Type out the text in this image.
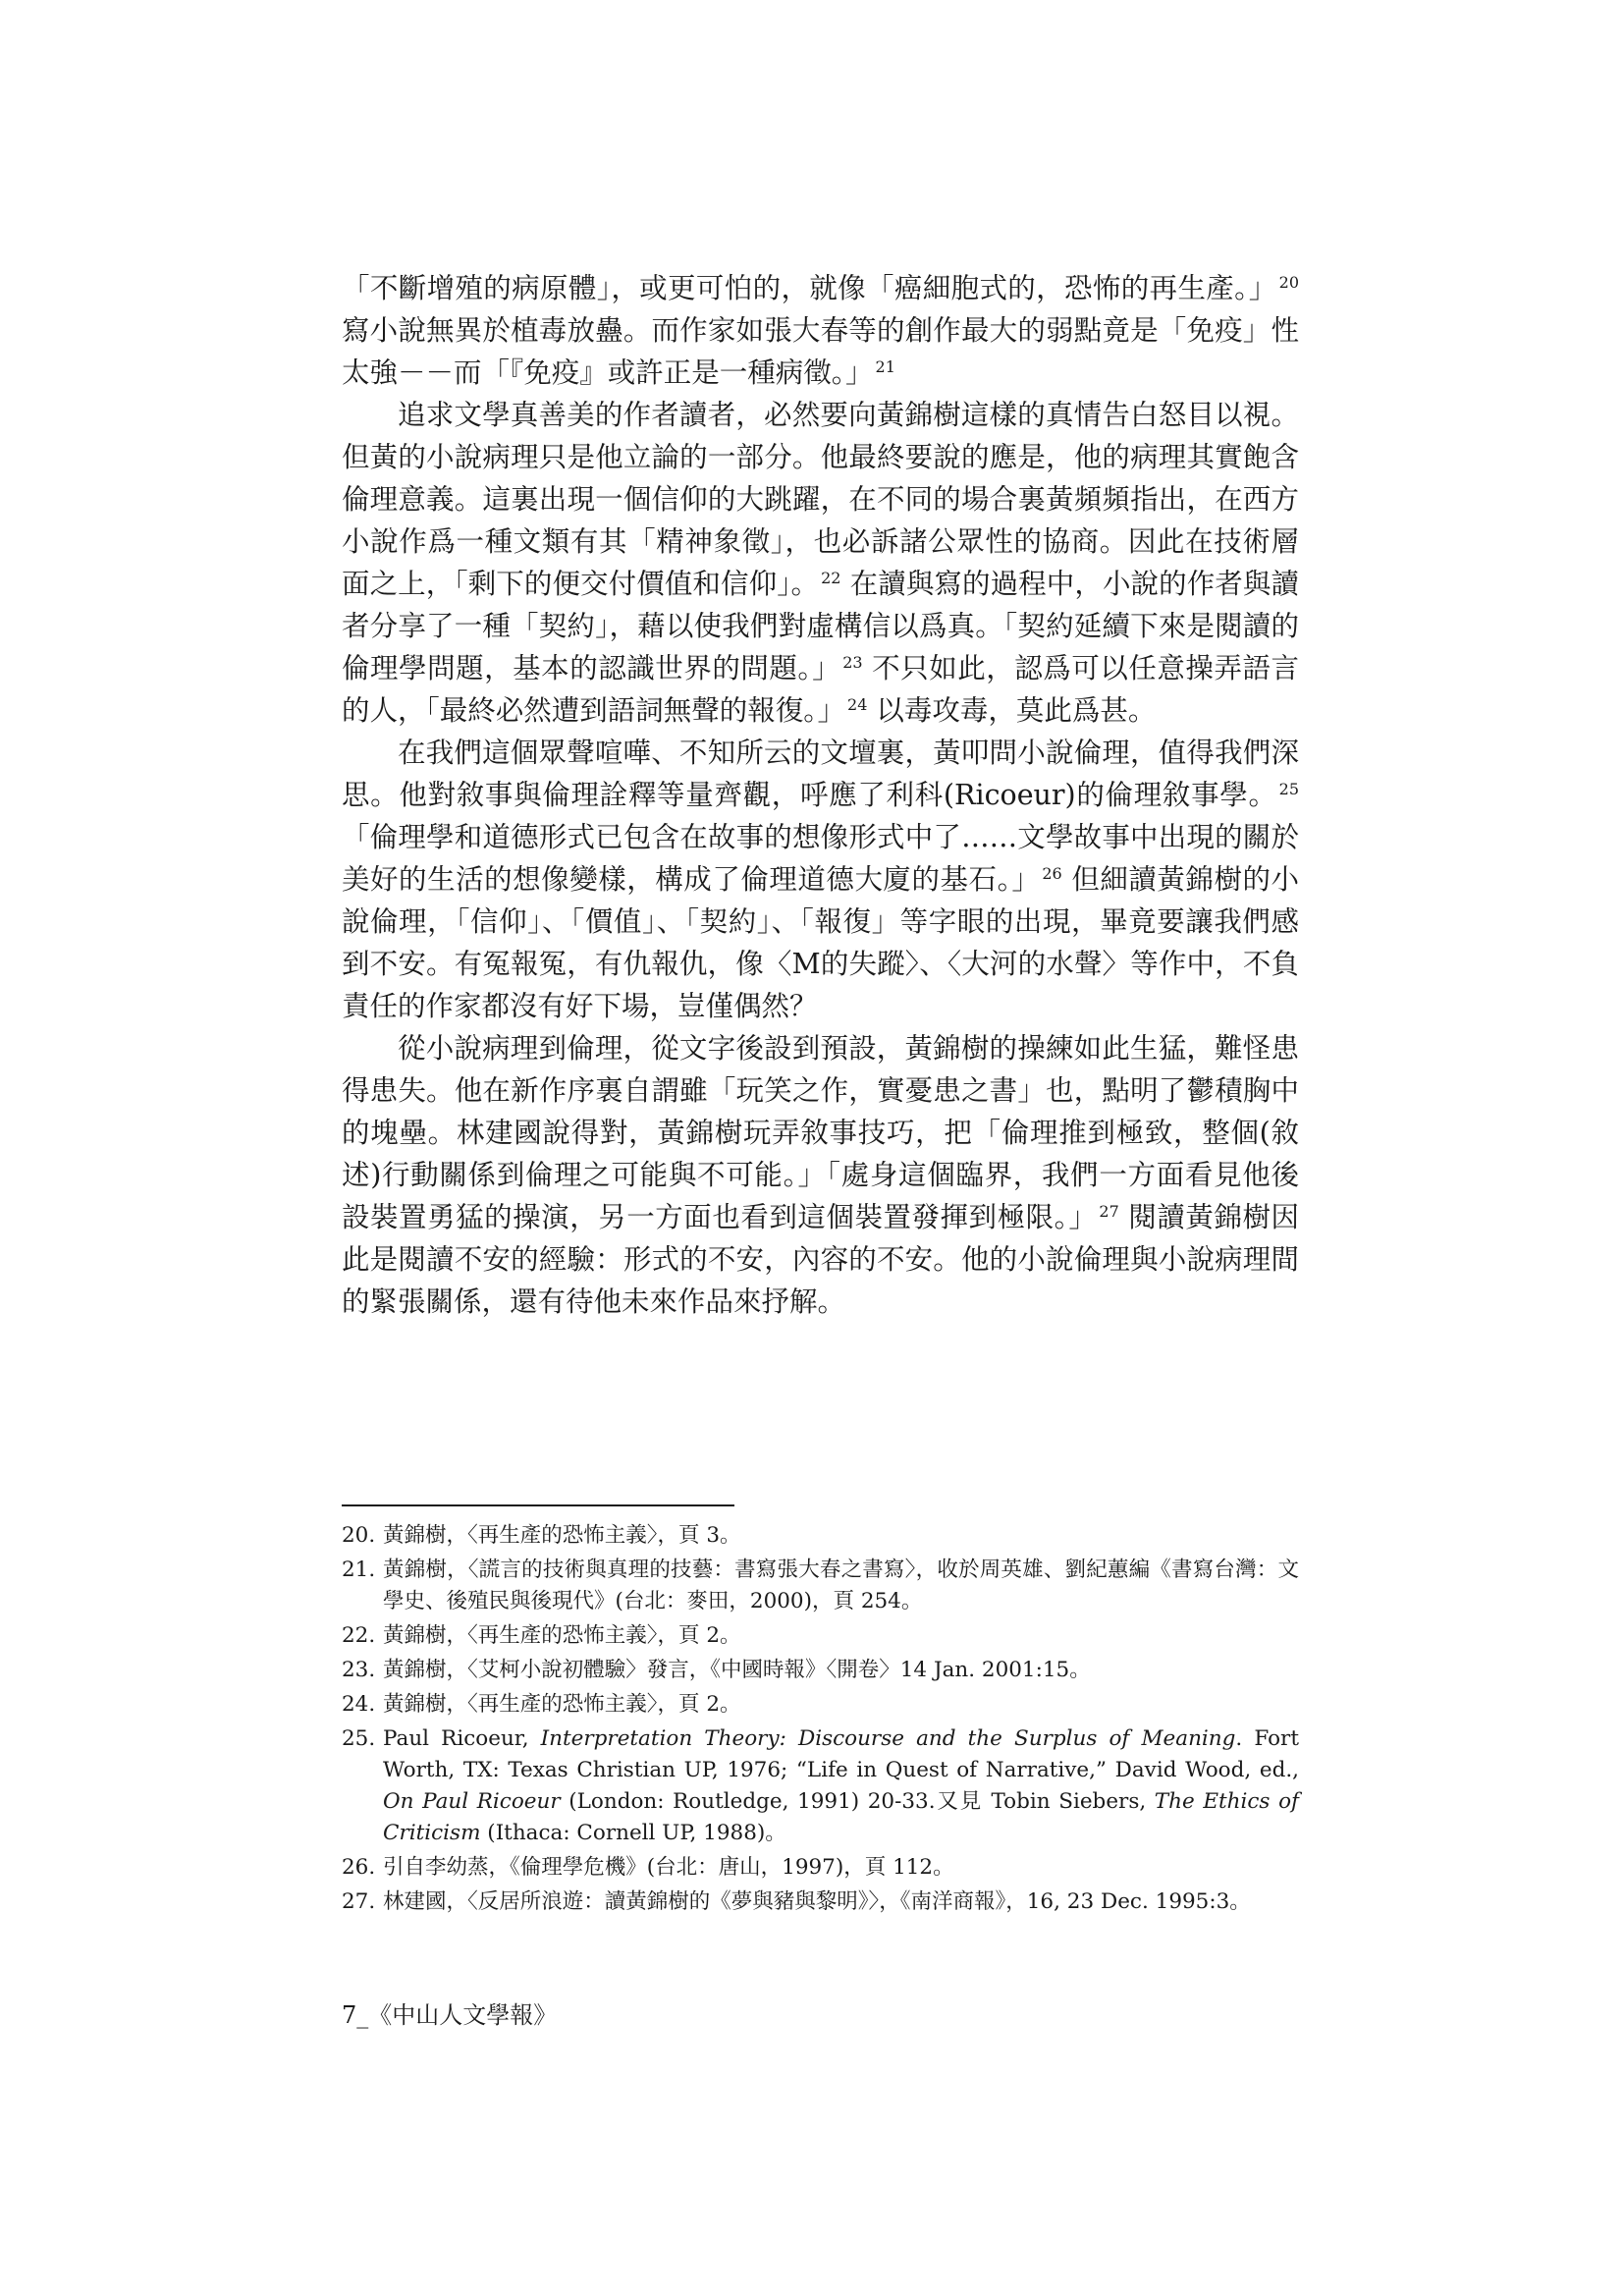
「不斷增殖的病原體」，或更可怕的，就像「癌細胞式的，恐怖的再生產。」 $^{20}$ 寫小說無異於植毒放蠱。而作家如張大春等的創作最大的弱點竟是「免疫」性太強－－而「『免疫』或許正是一種病徵。」 $^{21}$

追求文學真善美的作者讀者，必然要向黃錦樹這樣的真情告白怒目以視。但黃的小說病理只是他立論的一部分。他最終要說的應是，他的病理其實飽含倫理意義。這裏出現一個信仰的大跳躍，在不同的場合裏黃頻頻指出，在西方小說作爲一種文類有其「精神象徵」，也必訴諸公眾性的協商。因此在技術層面之上，「剩下的便交付價值和信仰」。 $^{22}$ 在讀與寫的過程中，小說的作者與讀者分享了一種「契約」，藉以使我們對虛構信以爲真。「契約延續下來是閱讀的倫理學問題，基本的認識世界的問題。」 $^{23}$ 不只如此，認爲可以任意操弄語言的人，「最終必然遭到語詞無聲的報復。」 $^{24}$ 以毒攻毒，莫此爲甚。

在我們這個眾聲喧嘩、不知所云的文壇裏，黃叩問小說倫理，值得我們深思。他對敘事與倫理詮釋等量齊觀，呼應了利科(Ricoeur)的倫理敘事學。 $^{25}$ 「倫理學和道德形式已包含在故事的想像形式中了……文學故事中出現的關於美好的生活的想像變樣，構成了倫理道德大廈的基石。」 $^{26}$ 但細讀黃錦樹的小說倫理，「信仰」、「價值」、「契約」、「報復」等字眼的出現，畢竟要讓我們感到不安。有冤報冤，有仇報仇，像〈M的失蹤〉、〈大河的水聲〉等作中，不負責任的作家都沒有好下場，豈僅偶然？

從小說病理到倫理，從文字後設到預設，黃錦樹的操練如此生猛，難怪患得患失。他在新作序裏自謂雖「玩笑之作，實憂患之書」也，點明了鬱積胸中的塊壘。林建國說得對，黃錦樹玩弄敘事技巧，把「倫理推到極致，整個(敘述)行動關係到倫理之可能與不可能。」「處身這個臨界，我們一方面看見他後設裝置勇猛的操演，另一方面也看到這個裝置發揮到極限。」 $^{27}$ 閱讀黃錦樹因此是閱讀不安的經驗：形式的不安，內容的不安。他的小說倫理與小說病理間的緊張關係，還有待他未來作品來抒解。

20. 黃錦樹，〈再生產的恐怖主義〉，頁 3。
21. 黃錦樹，〈謊言的技術與真理的技藝：書寫張大春之書寫〉，收於周英雄、劉紀蕙編《書寫台灣：文學史、後殖民與後現代》(台北：麥田，2000)，頁 254。
22. 黃錦樹，〈再生產的恐怖主義〉，頁 2。
23. 黃錦樹，〈艾柯小說初體驗〉發言，《中國時報》〈開卷〉14 Jan. 2001:15。
24. 黃錦樹，〈再生產的恐怖主義〉，頁 2。
25. Paul Ricoeur, Interpretation Theory: Discourse and the Surplus of Meaning. Fort Worth, TX: Texas Christian UP, 1976; “Life in Quest of Narrative,” David Wood, ed., On Paul Ricoeur (London: Routledge, 1991) 20-33.又見 Tobin Siebers, The Ethics of Criticism (Ithaca: Cornell UP, 1988)。
26. 引自李幼蒸，《倫理學危機》(台北：唐山，1997)，頁 112。
27. 林建國，〈反居所浪遊：讀黃錦樹的《夢與豬與黎明》〉，《南洋商報》，16, 23 Dec. 1995:3。
7_《中山人文學報》
